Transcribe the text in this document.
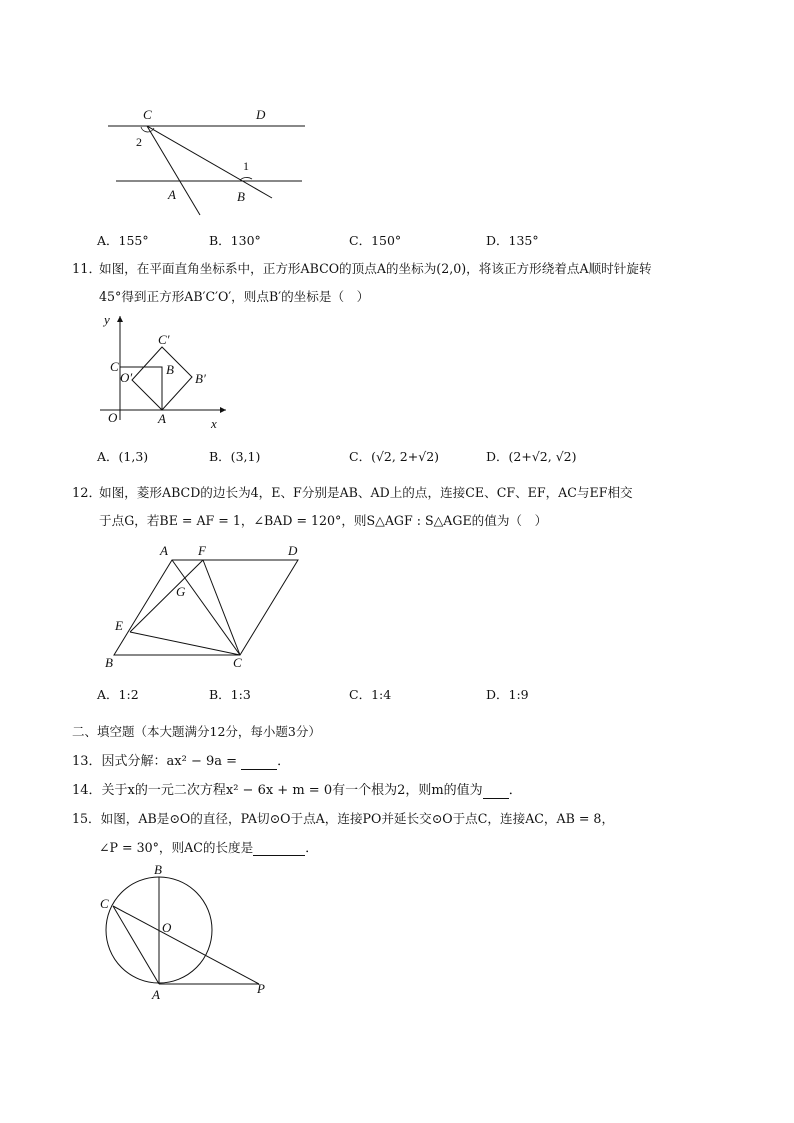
C	D
2
1
A	B
A．155°	B．130°	C．150°	D．135°
11．
如图，在平面直角坐标系中，正方形ABCO的顶点A的坐标为(2,0)，将该正方形绕着点A顺时针旋转
45°得到正方形AB′C′O′，则点B′的坐标是（　）
y
C′
C
O′
B
B′
O	A	x
A．(1,3)	B．(3,1)	C．(√2, 2+√2)	D．(2+√2, √2)
12．
如图，菱形ABCD的边长为4，E、F分别是AB、AD上的点，连接CE、CF、EF，AC与EF相交
于点G，若BE = AF = 1，∠BAD = 120°，则S△AGF : S△AGE的值为（　）
A F	D
G
E
B	C
A．1:2	B．1:3	C．1:4	D．1:9
二、填空题（本大题满分12分，每小题3分）
13．因式分解：ax² − 9a =	．
14．关于x的一元二次方程x² − 6x + m = 0有一个根为2，则m的值为 ．
15．如图，AB是⊙O的直径，PA切⊙O于点A，连接PO并延长交⊙O于点C，连接AC，AB = 8，
∠P = 30°，则AC的长度是	．
B
C
O
A	P
